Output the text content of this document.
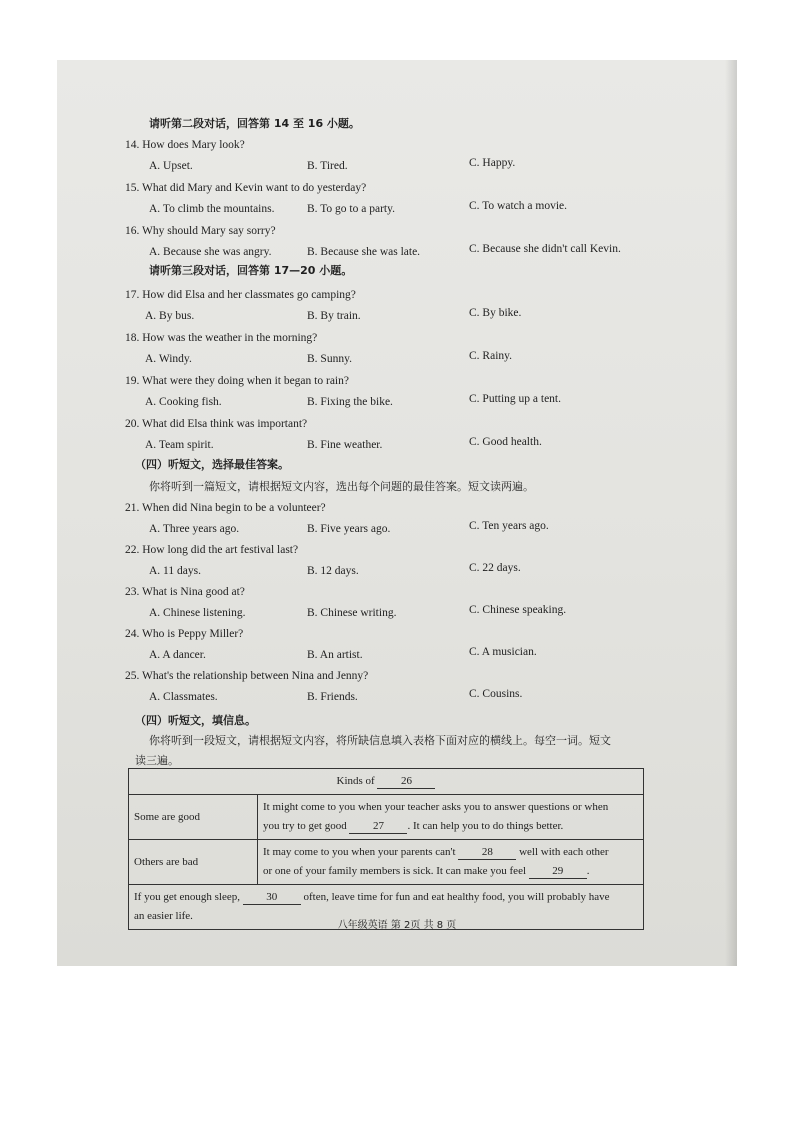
请听第二段对话，回答第 14 至 16 小题。
14. How does Mary look?
A. Upset.	B. Tired.	C. Happy.
15. What did Mary and Kevin want to do yesterday?
A. To climb the mountains.	B. To go to a party.	C. To watch a movie.
16. Why should Mary say sorry?
A. Because she was angry.	B. Because she was late.	C. Because she didn't call Kevin.
17. How did Elsa and her classmates go camping?
A. By bus.	B. By train.	C. By bike.
18. How was the weather in the morning?
A. Windy.	B. Sunny.	C. Rainy.
19. What were they doing when it began to rain?
A. Cooking fish.	B. Fixing the bike.	C. Putting up a tent.
20. What did Elsa think was important?
A. Team spirit.	B. Fine weather.	C. Good health.
请听第三段对话，回答第 17—20 小题。
（四）听短文，选择最佳答案。
你将听到一篇短文，请根据短文内容，选出每个问题的最佳答案。短文读两遍。
21. When did Nina begin to be a volunteer?
A. Three years ago.	B. Five years ago.	C. Ten years ago.
22. How long did the art festival last?
A. 11 days.	B. 12 days.	C. 22 days.
23. What is Nina good at?
A. Chinese listening.	B. Chinese writing.	C. Chinese speaking.
24. Who is Peppy Miller?
A. A dancer.	B. An artist.	C. A musician.
25. What's the relationship between Nina and Jenny?
A. Classmates.	B. Friends.	C. Cousins.
（四）听短文，填信息。
你将听到一段短文，请根据短文内容，将所缺信息填入表格下面对应的横线上。每空一词。短文
读三遍。
Kinds of 26	
Some are good	It might come to you when your teacher asks you to answer questions or when
you try to get good 27 . It can help you to do things better.
Others are bad	It may come to you when your parents can't 28 well with each other
or one of your family members is sick. It can make you feel 29 .
If you get enough sleep, 30 often, leave time for fun and eat healthy food, you will probably have
an easier life.	
八年级英语 第 2页 共 8 页
